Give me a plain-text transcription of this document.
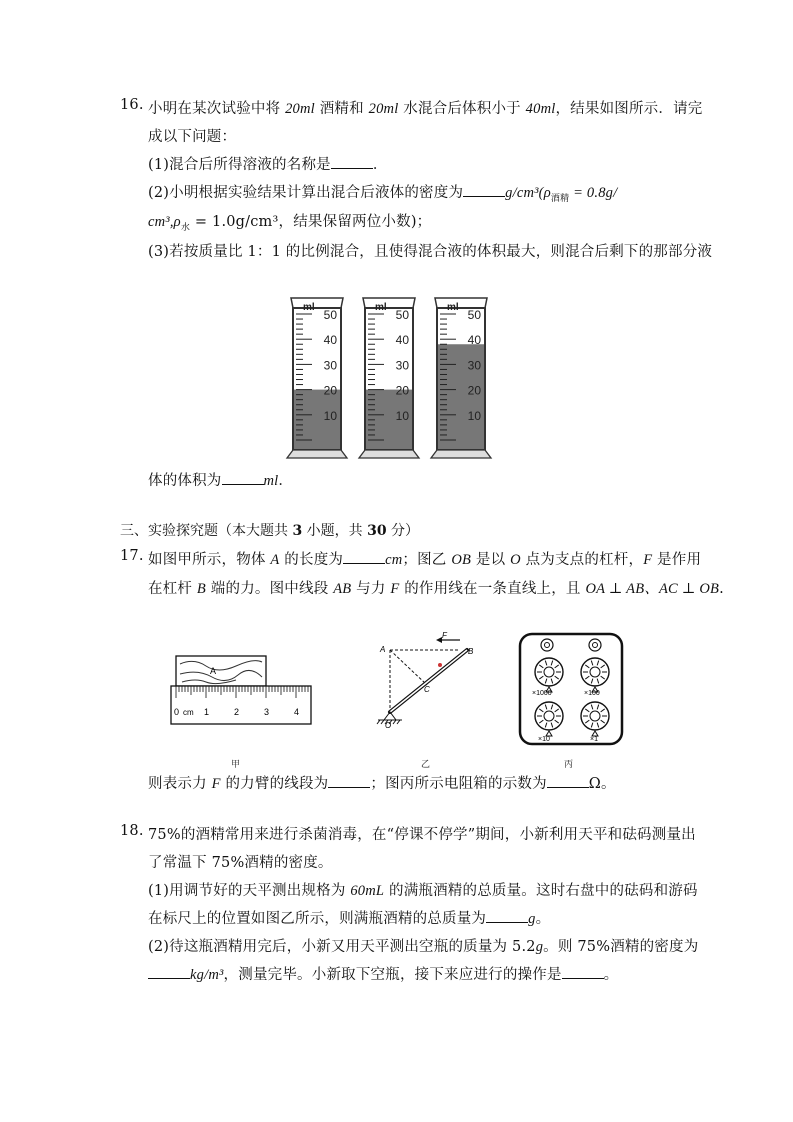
16. 小明在某次试验中将 20ml 酒精和 20ml 水混合后体积小于 40ml，结果如图所示．请完
成以下问题：
(1)混合后所得溶液的名称是	．
(2)小明根据实验结果计算出混合后液体的密度为	$g/cm^3(\rho_{酒精} = 0.8g/$
$cm^3,\rho_水 = 1.0g/cm^3$，结果保留两位小数)；
(3)若按质量比 1：1 的比例混合，且使得混合液的体积最大，则混合后剩下的那部分液
50
40
30
20
10
ml
50
40
30
20
10
ml
50
40
30
20
10
ml
体的体积为	ml．
三、实验探究题（本大题共 3 小题，共 30 分）
17. 如图甲所示，物体 A 的长度为	cm；图乙 OB 是以 O 点为支点的杠杆，F 是作用
在杠杆 B 端的力。图中线段 AB 与力 F 的作用线在一条直线上，且 OA ⊥ AB、AC ⊥ OB.
A
0 cm 1	2	3	4
甲
A	B
C
O
F
乙
×1000	×100
×10	×1
丙
则表示力 F 的力臂的线段为	；图丙所示电阻箱的示数为	Ω。
18. 75%的酒精常用来进行杀菌消毒，在“停课不停学”期间，小新利用天平和砝码测量出
了常温下 75%酒精的密度。
(1)用调节好的天平测出规格为 60mL 的满瓶酒精的总质量。这时右盘中的砝码和游码
在标尺上的位置如图乙所示，则满瓶酒精的总质量为	g。
(2)待这瓶酒精用完后，小新又用天平测出空瓶的质量为 5.2g。则 75%酒精的密度为
kg/m³，测量完毕。小新取下空瓶，接下来应进行的操作是	。
